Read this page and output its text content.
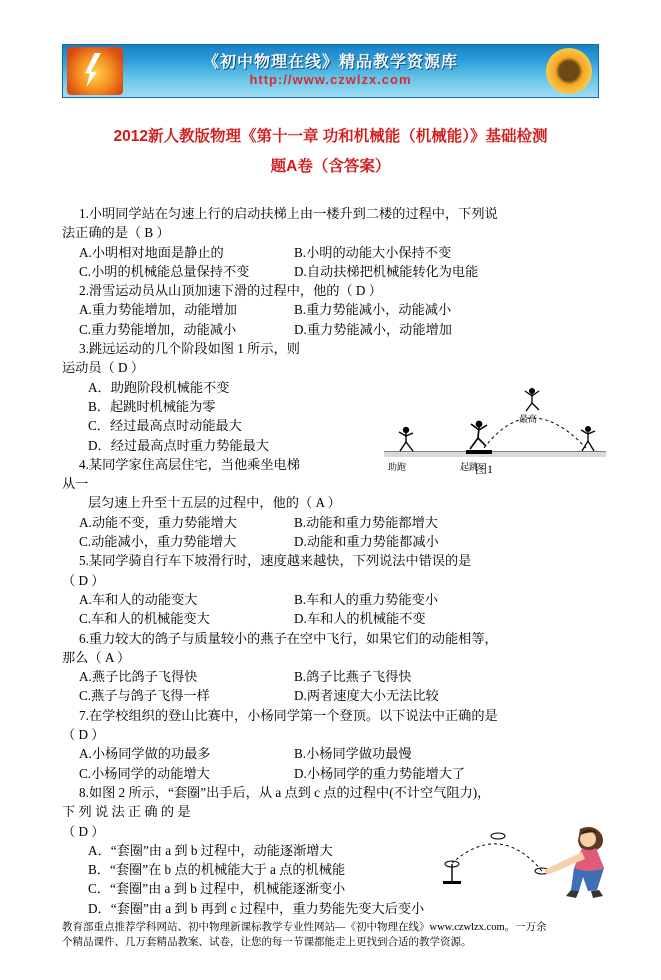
《初中物理在线》精品教学资源库
http://www.czwlzx.com
2012新人教版物理《第十一章 功和机械能（机械能）》基础检测
题A卷（含答案）

1.小明同学站在匀速上行的启动扶梯上由一楼升到二楼的过程中，下列说

法正确的是（ B ）

A.小明相对地面是静止的	B.小明的动能大小保持不变
C.小明的机械能总量保持不变	D.自动扶梯把机械能转化为电能

2.滑雪运动员从山顶加速下滑的过程中，他的（ D ）

A.重力势能增加，动能增加	B.重力势能减小，动能减小
C.重力势能增加，动能减小	D.重力势能减小，动能增加

3.跳远运动的几个阶段如图 1 所示，则

运动员（ D ）

A．助跑阶段机械能不变

B．起跳时机械能为零

C．经过最高点时动能最大

D．经过最高点时重力势能最大

4.某同学家住高层住宅，当他乘坐电梯

从一

层匀速上升至十五层的过程中，他的（ A ）

A.动能不变，重力势能增大	B.动能和重力势能都增大
C.动能减小，重力势能增大	D.动能和重力势能都减小

5.某同学骑自行车下坡滑行时，速度越来越快，下列说法中错误的是

（ D ）

A.车和人的动能变大	B.车和人的重力势能变小
C.车和人的机械能变大	D.车和人的机械能不变

6.重力较大的鸽子与质量较小的燕子在空中飞行，如果它们的动能相等，

那么（ A ）

A.燕子比鸽子飞得快	B.鸽子比燕子飞得快
C.燕子与鸽子飞得一样	D.两者速度大小无法比较

7.在学校组织的登山比赛中，小杨同学第一个登顶。以下说法中正确的是

（ D ）

A.小杨同学做的功最多	B.小杨同学做功最慢
C.小杨同学的动能增大	D.小杨同学的重力势能增大了

8.如图 2 所示，“套圈”出手后，从 a 点到 c 点的过程中(不计空气阻力)，

下 列 说 法 正 确 的 是

（ D ）

A．“套圈”由 a 到 b 过程中，动能逐渐增大

B．“套圈”在 b 点的机械能大于 a 点的机械能

C．“套圈”由 a 到 b 过程中，机械能逐渐变小

D．“套圈”由 a 到 b 再到 c 过程中，重力势能先变大后变小

助跑	起跳
最高
图1
教育部重点推荐学科网站、初中物理新课标教学专业性网站—《初中物理在线》www.czwlzx.com。一万余
个精品课件、几万套精品教案、试卷，让您的每一节课都能走上更找到合适的教学资源。
